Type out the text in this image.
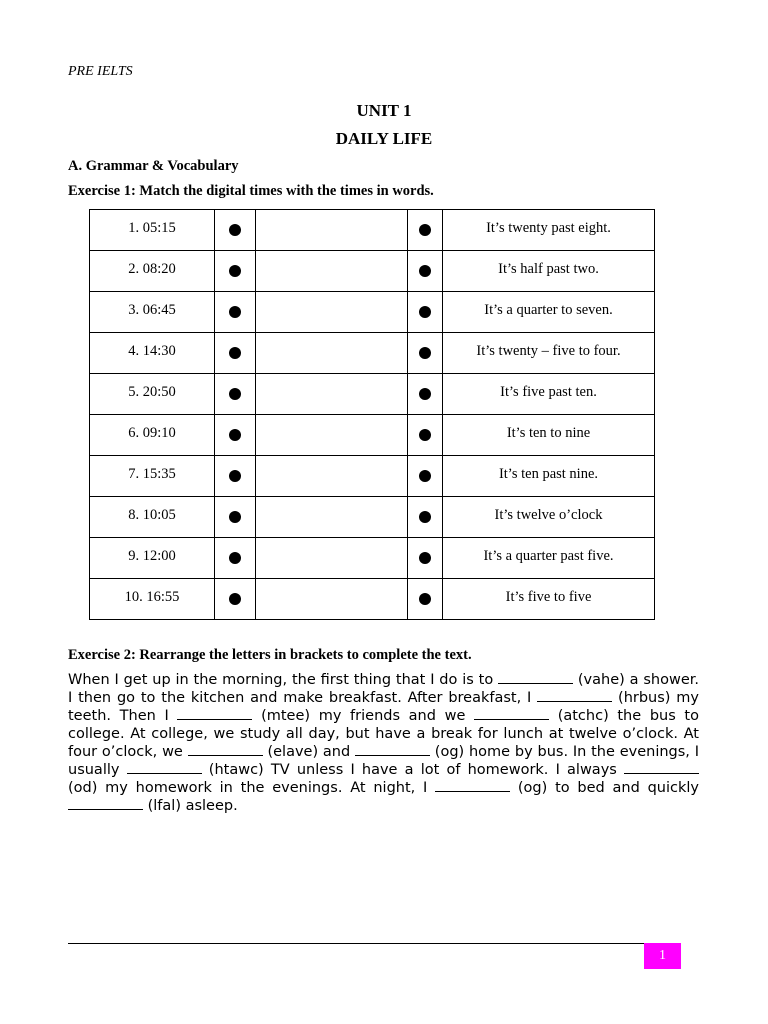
PRE IELTS
UNIT 1
DAILY LIFE
A. Grammar & Vocabulary
Exercise 1: Match the digital times with the times in words.
1. 05:15				It’s twenty past eight.
2. 08:20				It’s half past two.
3. 06:45				It’s a quarter to seven.
4. 14:30				It’s twenty – five to four.
5. 20:50				It’s five past ten.
6. 09:10				It’s ten to nine
7. 15:35				It’s ten past nine.
8. 10:05				It’s twelve o’clock
9. 12:00				It’s a quarter past five.
10. 16:55				It’s five to five
Exercise 2: Rearrange the letters in brackets to complete the text.
When I get up in the morning, the first thing that I do is to	(vahe) a shower. I then go to the kitchen and make breakfast. After breakfast, I	(hrbus) my teeth. Then I	(mtee) my friends and we	(atchc) the bus to college. At college, we study all day, but have a break for lunch at twelve o’clock. At four o’clock, we	(elave) and	(og) home by bus. In the evenings, I usually	(htawc) TV unless I have a lot of homework. I always  (od) my homework in the evenings. At night, I	(og) to bed and quickly  (lfal) asleep.
1
